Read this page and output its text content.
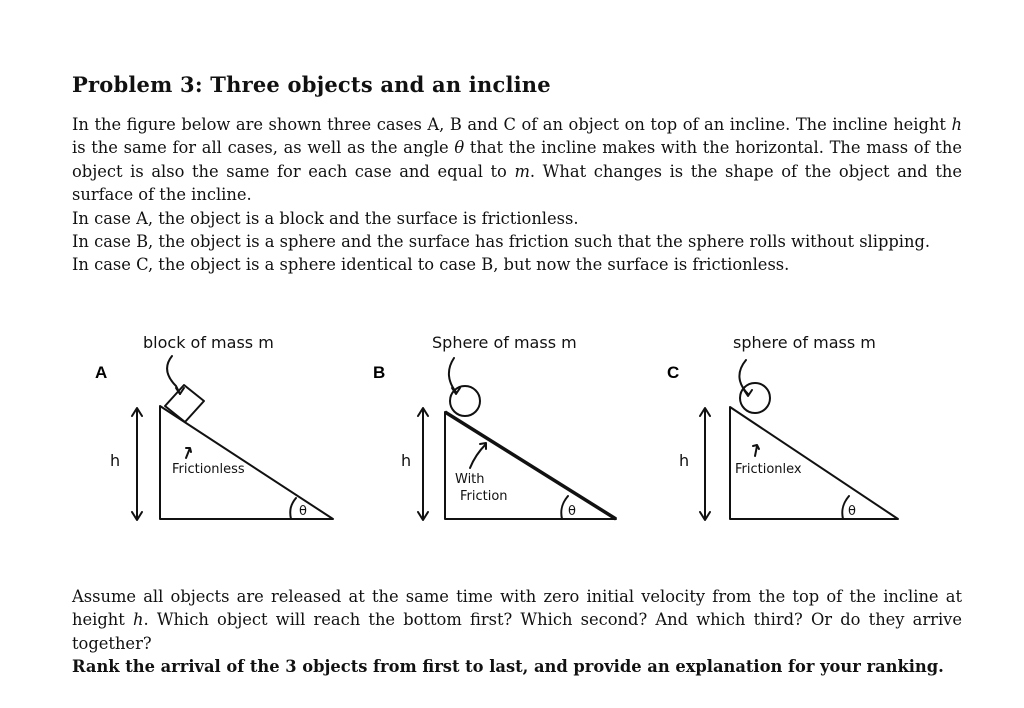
Problem 3: Three objects and an incline
In the figure below are shown three cases A, B and C of an object on top of an incline. The incline height h is the same for all cases, as well as the angle θ that the incline makes with the horizontal. The mass of the object is also the same for each case and equal to m. What changes is the shape of the object and the surface of the incline.
In case A, the object is a block and the surface is frictionless.
In case B, the object is a sphere and the surface has friction such that the sphere rolls without slipping.
In case C, the object is a sphere identical to case B, but now the surface is frictionless.
A
block of mass m
h	Frictionless
θ
B
Sphere of mass m
h
With
Friction
θ
C
sphere of mass m
h	Frictionlex
θ
Assume all objects are released at the same time with zero initial velocity from the top of the incline at height h. Which object will reach the bottom first? Which second? And which third? Or do they arrive together?
Rank the arrival of the 3 objects from first to last, and provide an explanation for your ranking.
